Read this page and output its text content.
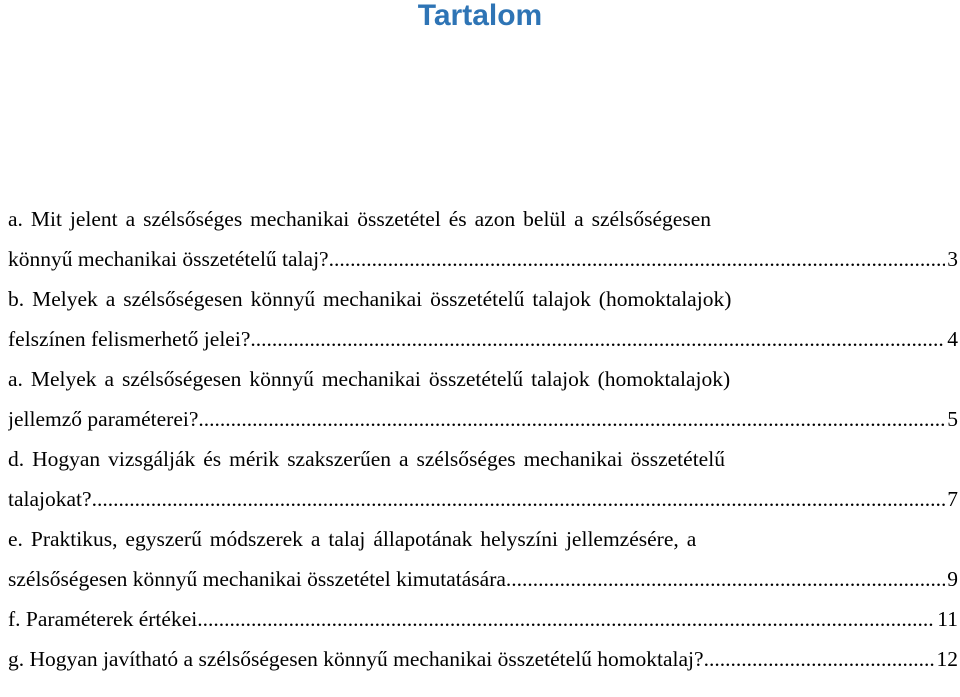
Tartalom
a. Mit jelent a szélsőséges mechanikai összetétel és azon belül a szélsőségesen
könnyű mechanikai összetételű talaj? .....	3
b. Melyek a szélsőségesen könnyű mechanikai összetételű talajok (homoktalajok)
felszínen felismerhető jelei? .....	4
a. Melyek a szélsőségesen könnyű mechanikai összetételű talajok (homoktalajok)
jellemző paraméterei? .....	5
d. Hogyan vizsgálják és mérik szakszerűen a szélsőséges mechanikai összetételű
talajokat? .....	7
e. Praktikus, egyszerű módszerek a talaj állapotának helyszíni jellemzésére, a
szélsőségesen könnyű mechanikai összetétel kimutatására .....	9
f. Paraméterek értékei .....	11
g. Hogyan javítható a szélsőségesen könnyű mechanikai összetételű homoktalaj? .....	12
